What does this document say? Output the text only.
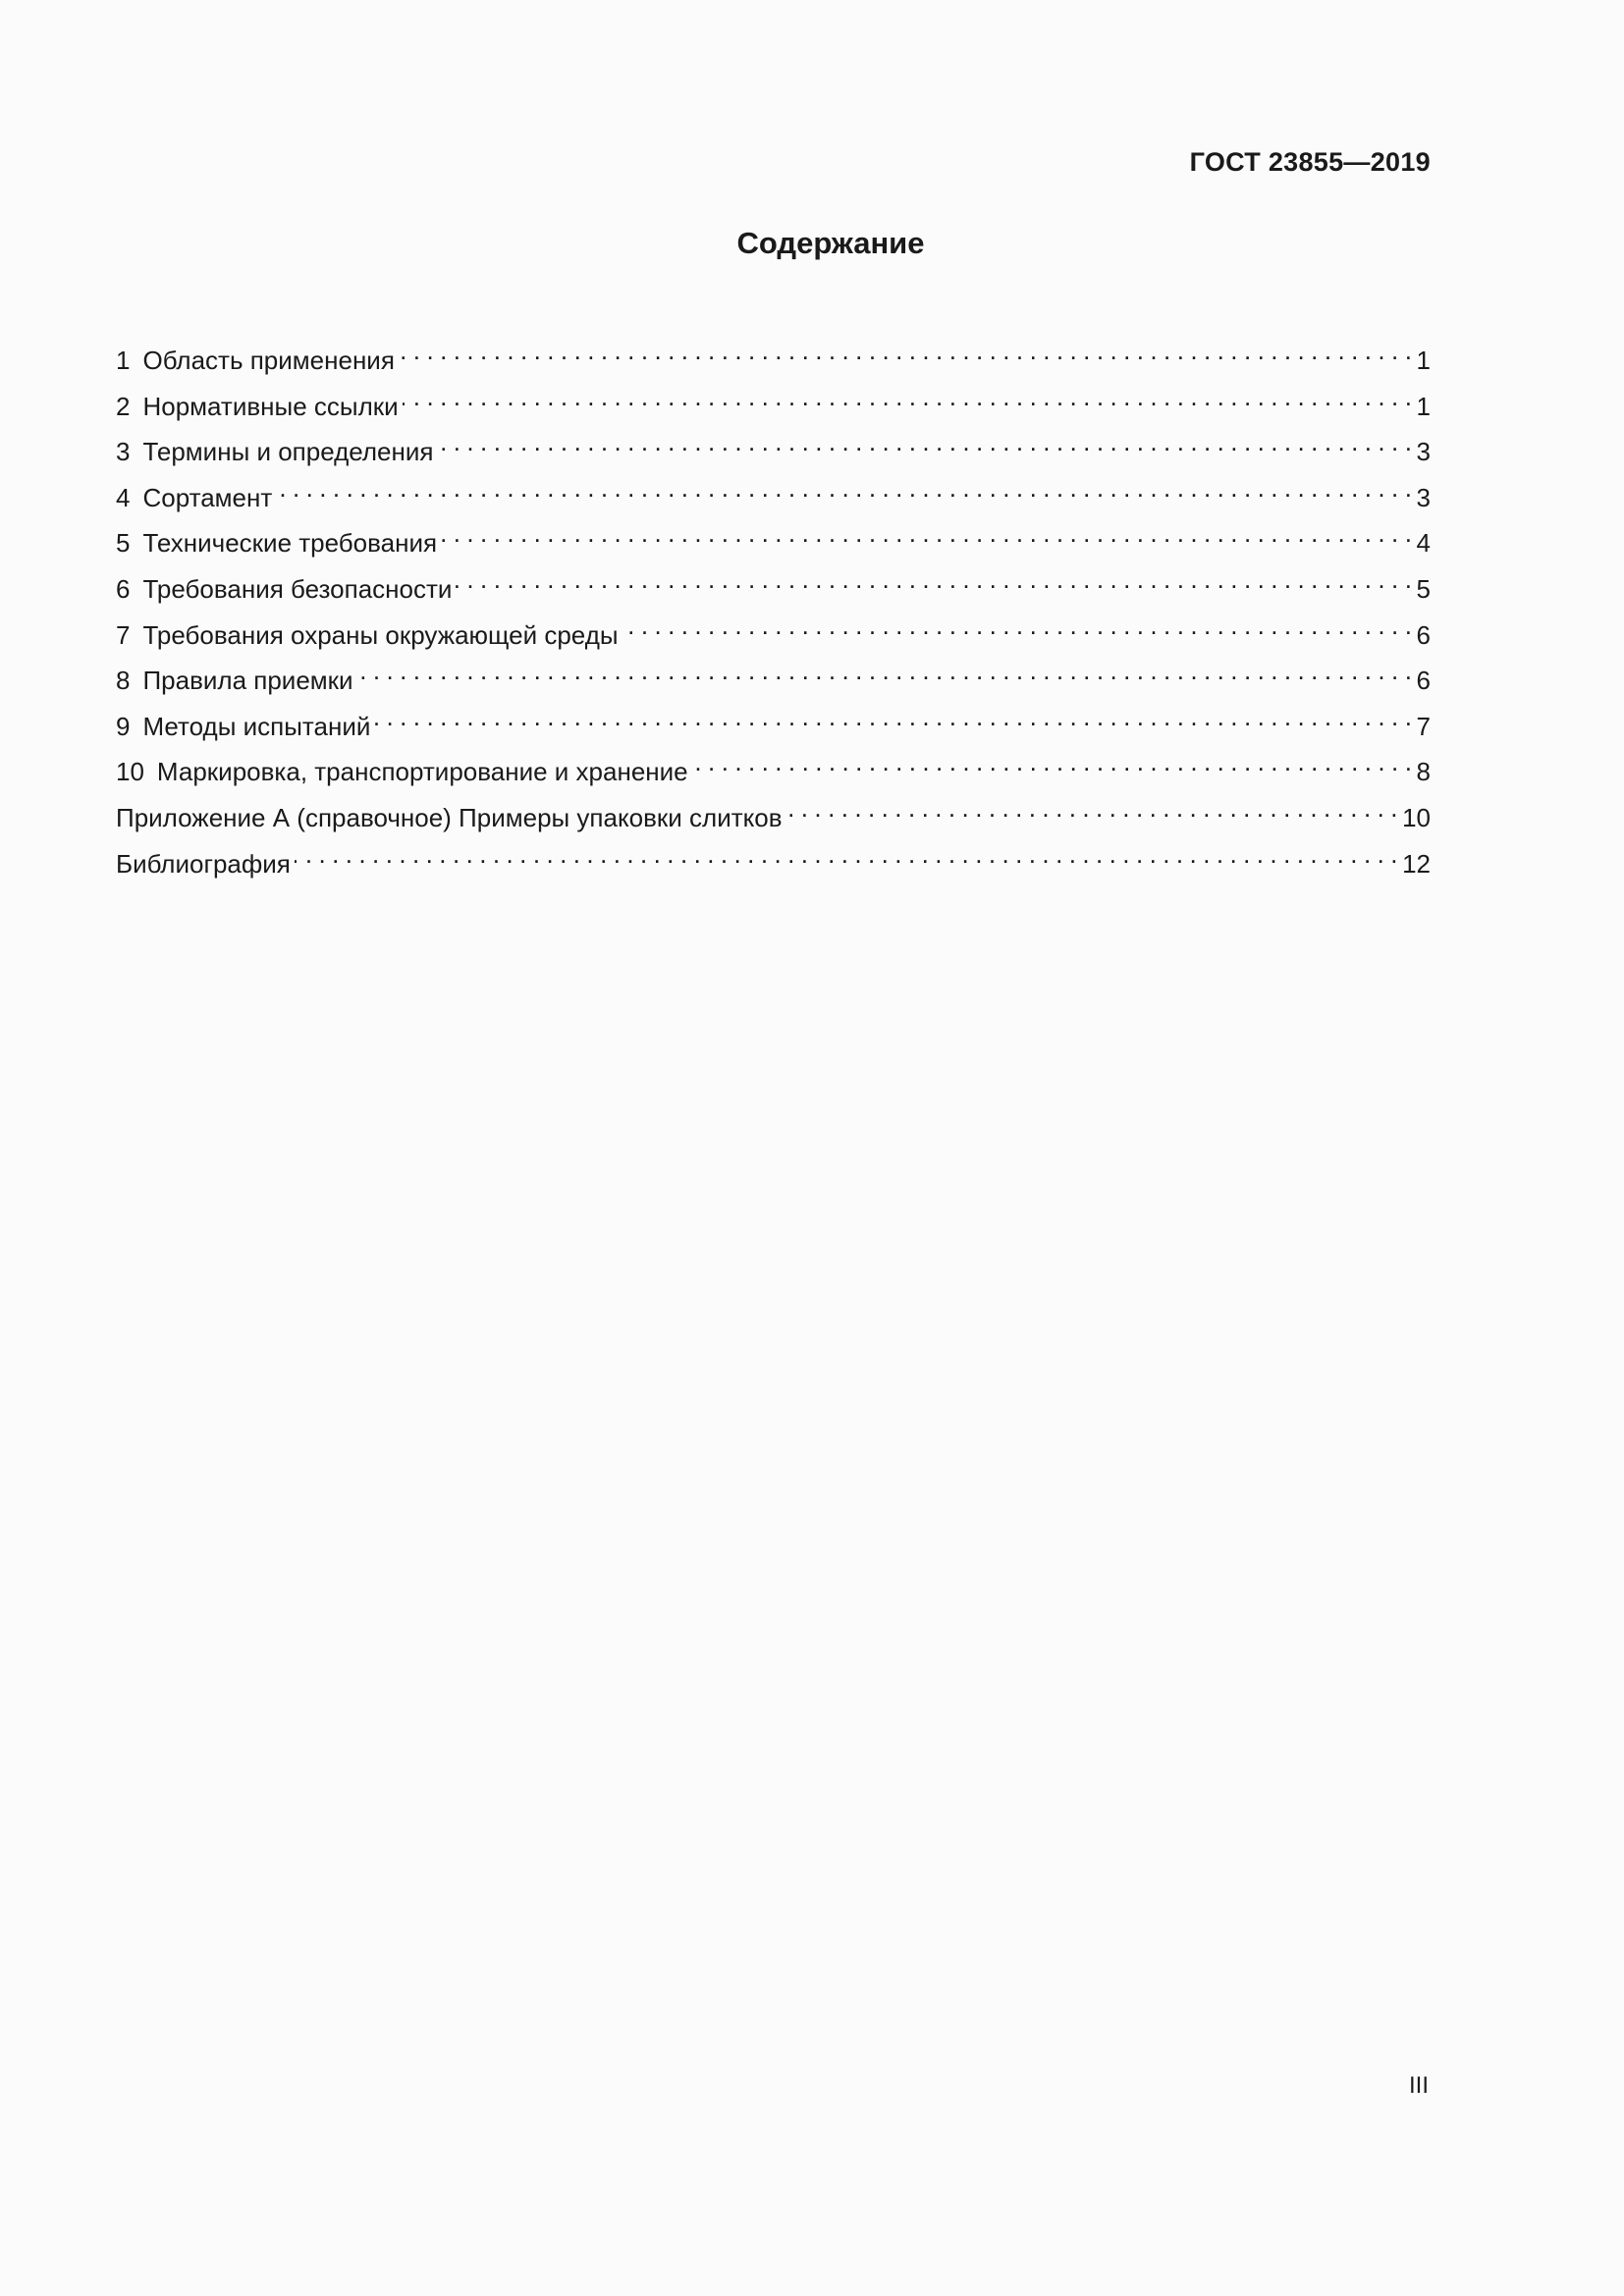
ГОСТ 23855—2019
Содержание
1 Область применения . . .	1
2 Нормативные ссылки . . .	1
3 Термины и определения . . .	3
4 Сортамент . . .	3
5 Технические требования . . .	4
6 Требования безопасности . . .	5
7 Требования охраны окружающей среды . . .	6
8 Правила приемки . . .	6
9 Методы испытаний . . .	7
10 Маркировка, транспортирование и хранение . . .	8
Приложение А (справочное) Примеры упаковки слитков . . .	10
Библиография . . .	12
III
